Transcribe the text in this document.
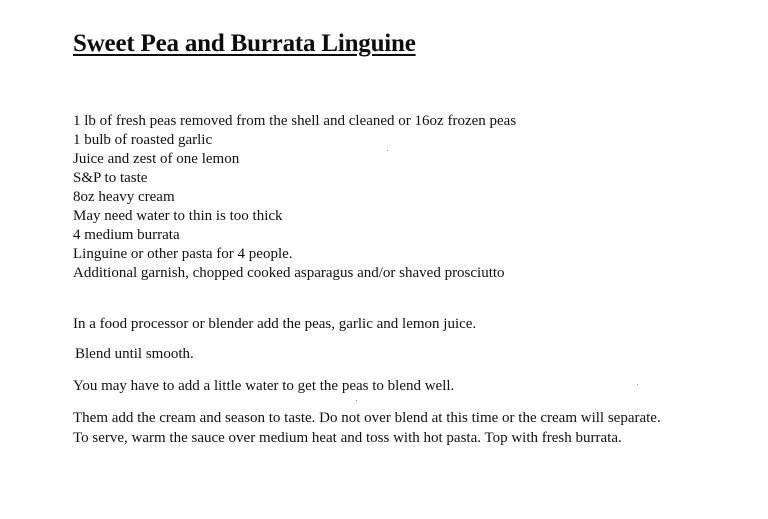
Sweet Pea and Burrata Linguine
1 lb of fresh peas removed from the shell and cleaned or 16oz frozen peas
1 bulb of roasted garlic
Juice and zest of one lemon
S&P to taste
8oz heavy cream
May need water to thin is too thick
4 medium burrata
Linguine or other pasta for 4 people.
Additional garnish, chopped cooked asparagus and/or shaved prosciutto

In a food processor or blender add the peas, garlic and lemon juice.

Blend until smooth.

You may have to add a little water to get the peas to blend well.

Them add the cream and season to taste. Do not over blend at this time or the cream will separate.

To serve, warm the sauce over medium heat and toss with hot pasta. Top with fresh burrata.
